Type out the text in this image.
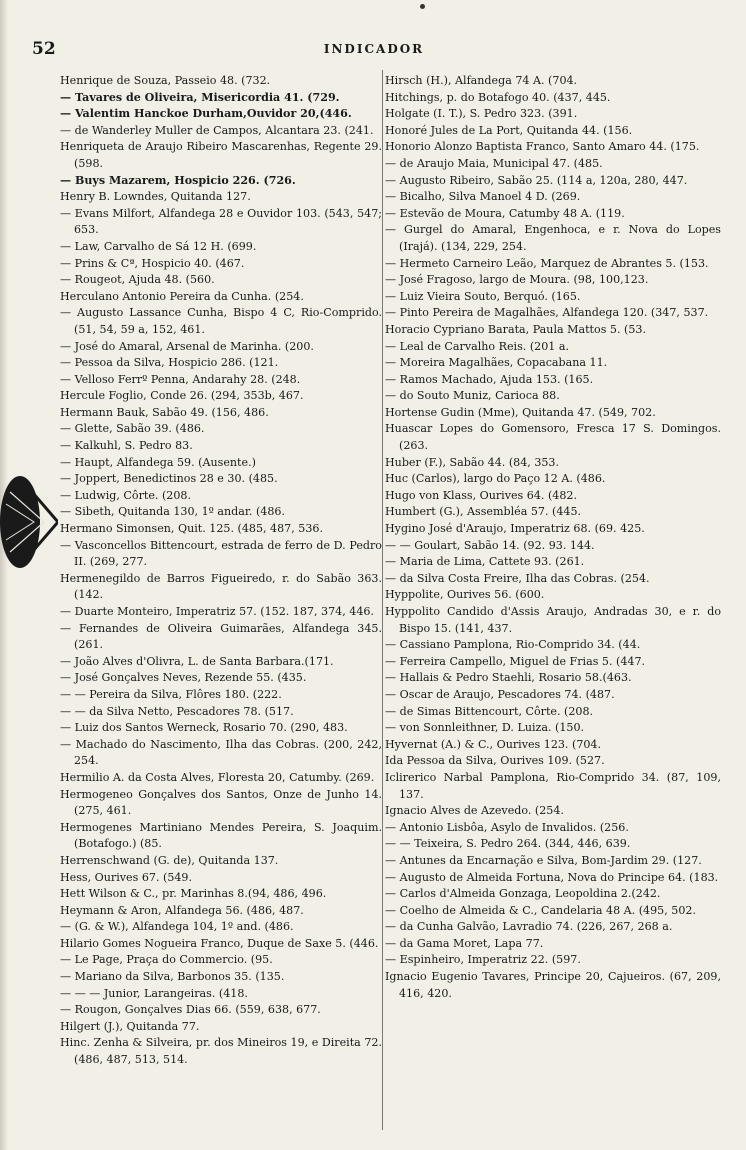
52	INDICADOR

Henrique de Souza, Passeio 48. (732.

— Tavares de Oliveira, Misericordia 41. (729.

— Valentim Hanckoe Durham,Ouvidor 20,(446.

— de Wanderley Muller de Campos, Alcantara 23. (241.

Henriqueta de Araujo Ribeiro Mascarenhas, Regente 29. (598.

— Buys Mazarem, Hospicio 226. (726.

Henry B. Lowndes, Quitanda 127.

— Evans Milfort, Alfandega 28 e Ouvidor 103. (543, 547; 653.

— Law, Carvalho de Sá 12 H. (699.

— Prins & Cª, Hospicio 40. (467.

— Rougeot, Ajuda 48. (560.

Herculano Antonio Pereira da Cunha. (254.

— Augusto Lassance Cunha, Bispo 4 C, Rio-Comprido. (51, 54, 59 a, 152, 461.

— José do Amaral, Arsenal de Marinha. (200.

— Pessoa da Silva, Hospicio 286. (121.

— Velloso Ferrº Penna, Andarahy 28. (248.

Hercule Foglio, Conde 26. (294, 353b, 467.

Hermann Bauk, Sabão 49. (156, 486.

— Glette, Sabão 39. (486.

— Kalkuhl, S. Pedro 83.

— Haupt, Alfandega 59. (Ausente.)

— Joppert, Benedictinos 28 e 30. (485.

— Ludwig, Côrte. (208.

— Sibeth, Quitanda 130, 1º andar. (486.

Hermano Simonsen, Quit. 125. (485, 487, 536.

— Vasconcellos Bittencourt, estrada de ferro de D. Pedro II. (269, 277.

Hermenegildo de Barros Figueiredo, r. do Sabão 363. (142.

— Duarte Monteiro, Imperatriz 57. (152. 187, 374, 446.

— Fernandes de Oliveira Guimarães, Alfandega 345. (261.

— João Alves d'Olivra, L. de Santa Barbara.(171.

— José Gonçalves Neves, Rezende 55. (435.

— — Pereira da Silva, Flôres 180. (222.

— — da Silva Netto, Pescadores 78. (517.

— Luiz dos Santos Werneck, Rosario 70. (290, 483.

— Machado do Nascimento, Ilha das Cobras. (200, 242, 254.

Hermilio A. da Costa Alves, Floresta 20, Catumby. (269.

Hermogeneo Gonçalves dos Santos, Onze de Junho 14. (275, 461.

Hermogenes Martiniano Mendes Pereira, S. Joaquim. (Botafogo.) (85.

Herrenschwand (G. de), Quitanda 137.

Hess, Ourives 67. (549.

Hett Wilson & C., pr. Marinhas 8.(94, 486, 496.

Heymann & Aron, Alfandega 56. (486, 487.

— (G. & W.), Alfandega 104, 1º and. (486.

Hilario Gomes Nogueira Franco, Duque de Saxe 5. (446.

— Le Page, Praça do Commercio. (95.

— Mariano da Silva, Barbonos 35. (135.

— — — Junior, Larangeiras. (418.

— Rougon, Gonçalves Dias 66. (559, 638, 677.

Hilgert (J.), Quitanda 77.

Hinc. Zenha & Silveira, pr. dos Mineiros 19, e Direita 72.(486, 487, 513, 514.

Hirsch (H.), Alfandega 74 A. (704.

Hitchings, p. do Botafogo 40. (437, 445.

Holgate (I. T.), S. Pedro 323. (391.

Honoré Jules de La Port, Quitanda 44. (156.

Honorio Alonzo Baptista Franco, Santo Amaro 44. (175.

— de Araujo Maia, Municipal 47. (485.

— Augusto Ribeiro, Sabão 25. (114 a, 120a, 280, 447.

— Bicalho, Silva Manoel 4 D. (269.

— Estevão de Moura, Catumby 48 A. (119.

— Gurgel do Amaral, Engenhoca, e r. Nova do Lopes (Irajá). (134, 229, 254.

— Hermeto Carneiro Leão, Marquez de Abrantes 5. (153.

— José Fragoso, largo de Moura. (98, 100,123.

— Luiz Vieira Souto, Berquó. (165.

— Pinto Pereira de Magalhães, Alfandega 120. (347, 537.

Horacio Cypriano Barata, Paula Mattos 5. (53.

— Leal de Carvalho Reis. (201 a.

— Moreira Magalhães, Copacabana 11.

— Ramos Machado, Ajuda 153. (165.

— do Souto Muniz, Carioca 88.

Hortense Gudin (Mme), Quitanda 47. (549, 702.

Huascar Lopes do Gomensoro, Fresca 17 S. Domingos. (263.

Huber (F.), Sabão 44. (84, 353.

Huc (Carlos), largo do Paço 12 A. (486.

Hugo von Klass, Ourives 64. (482.

Humbert (G.), Assembléa 57. (445.

Hygino José d'Araujo, Imperatriz 68. (69. 425.

— — Goulart, Sabão 14. (92. 93. 144.

— Maria de Lima, Cattete 93. (261.

— da Silva Costa Freire, Ilha das Cobras. (254.

Hyppolite, Ourives 56. (600.

Hyppolito Candido d'Assis Araujo, Andradas 30, e r. do Bispo 15. (141, 437.

— Cassiano Pamplona, Rio-Comprido 34. (44.

— Ferreira Campello, Miguel de Frias 5. (447.

— Hallais & Pedro Staehli, Rosario 58.(463.

— Oscar de Araujo, Pescadores 74. (487.

— de Simas Bittencourt, Côrte. (208.

— von Sonnleithner, D. Luiza. (150.

Hyvernat (A.) & C., Ourives 123. (704.

Ida Pessoa da Silva, Ourives 109. (527.

Iclirerico Narbal Pamplona, Rio-Comprido 34. (87, 109, 137.

Ignacio Alves de Azevedo. (254.

— Antonio Lisbôa, Asylo de Invalidos. (256.

— — Teixeira, S. Pedro 264. (344, 446, 639.

— Antunes da Encarnação e Silva, Bom-Jardim 29. (127.

— Augusto de Almeida Fortuna, Nova do Principe 64. (183.

— Carlos d'Almeida Gonzaga, Leopoldina 2.(242.

— Coelho de Almeida & C., Candelaria 48 A. (495, 502.

— da Cunha Galvão, Lavradio 74. (226, 267, 268 a.

— da Gama Moret, Lapa 77.

— Espinheiro, Imperatriz 22. (597.

Ignacio Eugenio Tavares, Principe 20, Cajueiros. (67, 209, 416, 420.
